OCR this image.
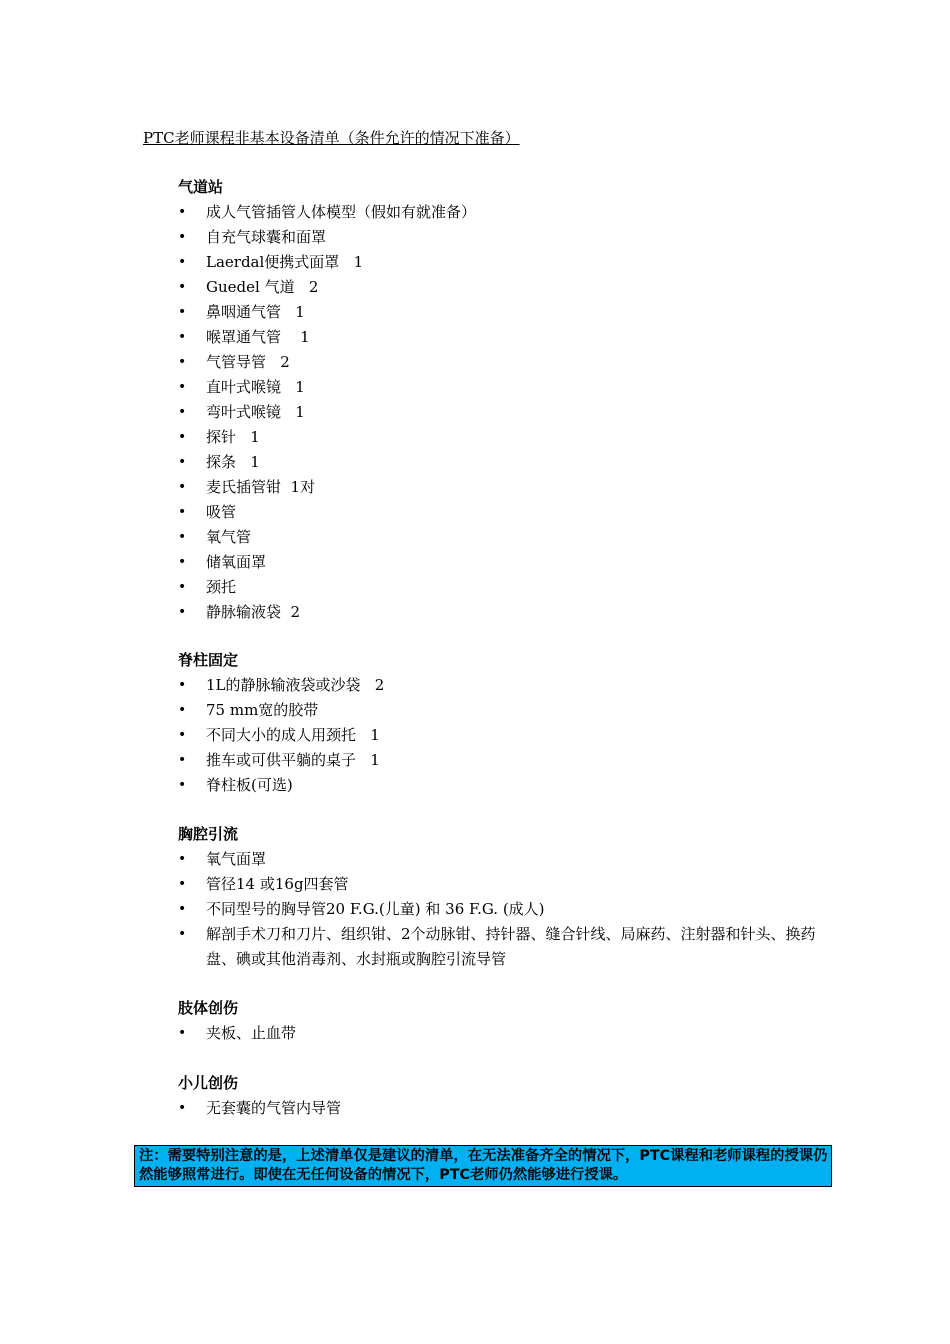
PTC老师课程非基本设备清单（条件允许的情况下准备）
气道站
• 成人气管插管人体模型（假如有就准备）
• 自充气球囊和面罩
• Laerdal便携式面罩   1
• Guedel 气道   2
• 鼻咽通气管   1
• 喉罩通气管    1
• 气管导管   2
• 直叶式喉镜   1
• 弯叶式喉镜   1
• 探针   1
• 探条   1
• 麦氏插管钳  1对
• 吸管
• 氧气管
• 储氧面罩
• 颈托
• 静脉输液袋  2
脊柱固定
• 1L的静脉输液袋或沙袋   2
• 75 mm宽的胶带
• 不同大小的成人用颈托   1
• 推车或可供平躺的桌子   1
• 脊柱板(可选)
胸腔引流
• 氧气面罩
• 管径14 或16g四套管
• 不同型号的胸导管20 F.G.(儿童) 和 36 F.G. (成人)
• 解剖手术刀和刀片、组织钳、2个动脉钳、持针器、缝合针线、局麻药、注射器和针头、换药盘、碘或其他消毒剂、水封瓶或胸腔引流导管
肢体创伤
• 夹板、止血带
小儿创伤
• 无套囊的气管内导管
注：需要特别注意的是，上述清单仅是建议的清单，在无法准备齐全的情况下，PTC课程和老师课程的授课仍然能够照常进行。即使在无任何设备的情况下，PTC老师仍然能够进行授课。
